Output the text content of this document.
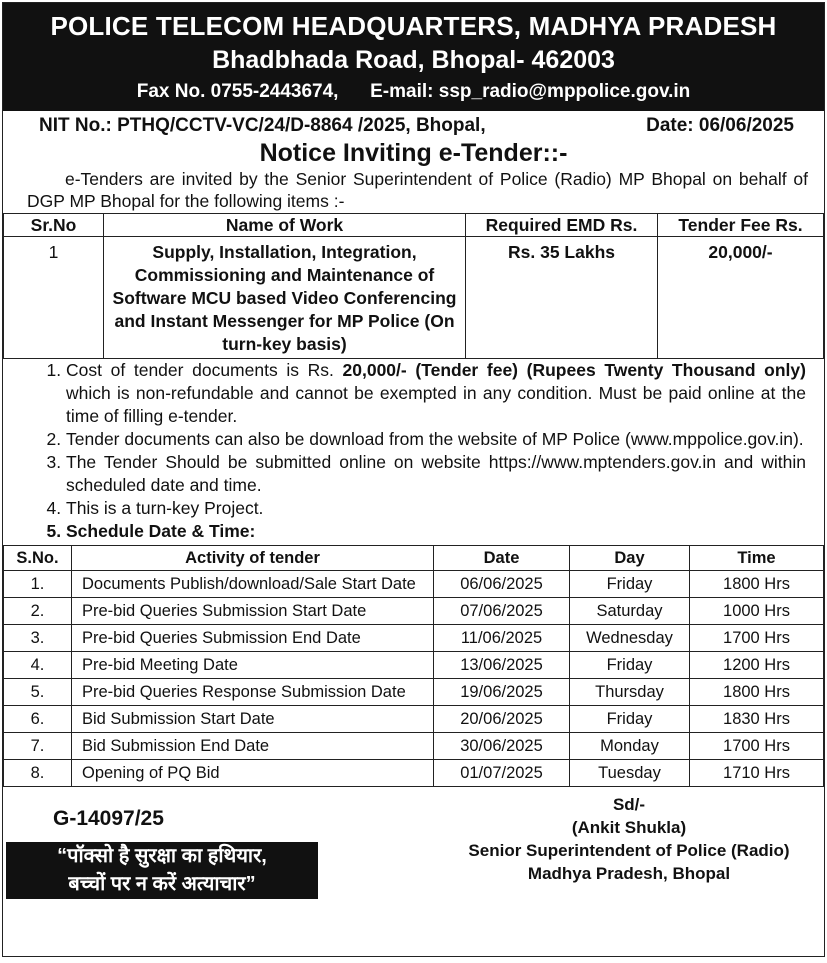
POLICE TELECOM HEADQUARTERS, MADHYA PRADESH
Bhadbhada Road, Bhopal- 462003
Fax No. 0755-2443674,      E-mail: ssp_radio@mppolice.gov.in
NIT No.: PTHQ/CCTV-VC/24/D-8864 /2025, Bhopal,	Date: 06/06/2025
Notice Inviting e-Tender::-
e-Tenders are invited by the Senior Superintendent of Police (Radio) MP Bhopal on behalf of DGP MP Bhopal for the following items :-
Sr.No	Name of Work	Required EMD Rs.	Tender Fee Rs.
1	Supply, Installation, Integration, Commissioning and Maintenance of Software MCU based Video Conferencing and Instant Messenger for MP Police (On turn-key basis)	Rs. 35 Lakhs	20,000/-
1. Cost of tender documents is Rs. 20,000/- (Tender fee) (Rupees Twenty Thousand only) which is non-refundable and cannot be exempted in any condition. Must be paid online at the time of filling e-tender.
2. Tender documents can also be download from the website of MP Police (www.mppolice.gov.in).
3. The Tender Should be submitted online on website https://www.mptenders.gov.in and within scheduled date and time.
4. This is a turn-key Project.
5. Schedule Date & Time:
S.No.	Activity of tender	Date	Day	Time
1.	Documents Publish/download/Sale Start Date	06/06/2025	Friday	1800 Hrs
2.	Pre-bid Queries Submission Start Date	07/06/2025	Saturday	1000 Hrs
3.	Pre-bid Queries Submission End Date	11/06/2025	Wednesday	1700 Hrs
4.	Pre-bid Meeting Date	13/06/2025	Friday	1200 Hrs
5.	Pre-bid Queries Response Submission Date	19/06/2025	Thursday	1800 Hrs
6.	Bid Submission Start Date	20/06/2025	Friday	1830 Hrs
7.	Bid Submission End Date	30/06/2025	Monday	1700 Hrs
8.	Opening of PQ Bid	01/07/2025	Tuesday	1710 Hrs
G-14097/25
“पॉक्सो है सुरक्षा का हथियार,
बच्चों पर न करें अत्याचार”
Sd/-
(Ankit Shukla)
Senior Superintendent of Police (Radio)
Madhya Pradesh, Bhopal
